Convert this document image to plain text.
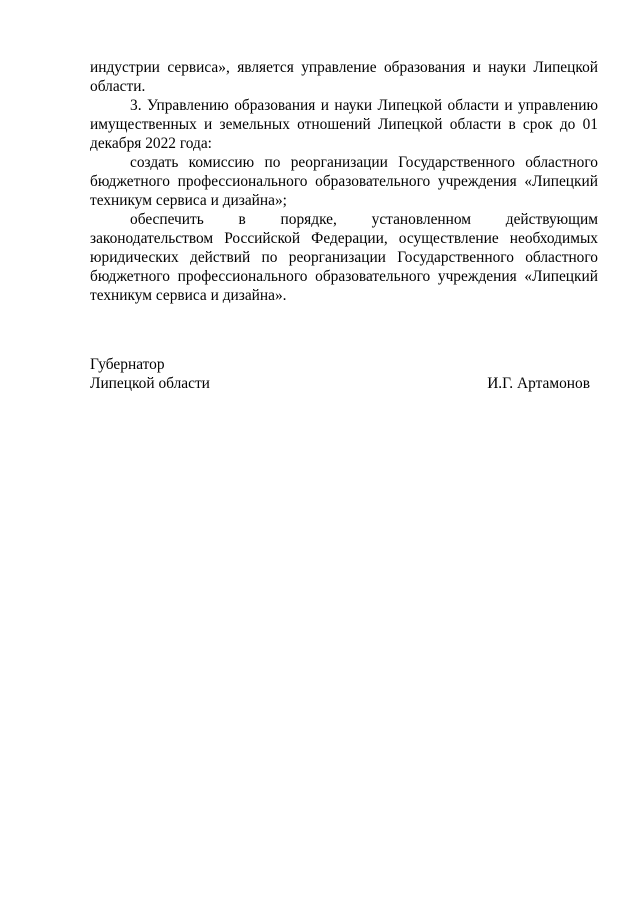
индустрии сервиса», является управление образования и науки Липецкой области.

3. Управлению образования и науки Липецкой области и управлению имущественных и земельных отношений Липецкой области в срок до 01 декабря 2022 года:

создать комиссию по реорганизации Государственного областного бюджетного профессионального образовательного учреждения «Липецкий техникум сервиса и дизайна»;

обеспечить в порядке, установленном действующим законодательством Российской Федерации, осуществление необходимых юридических действий по реорганизации Государственного областного бюджетного профессионального образовательного учреждения «Липецкий техникум сервиса и дизайна».

Губернатор
Липецкой области	И.Г. Артамонов
